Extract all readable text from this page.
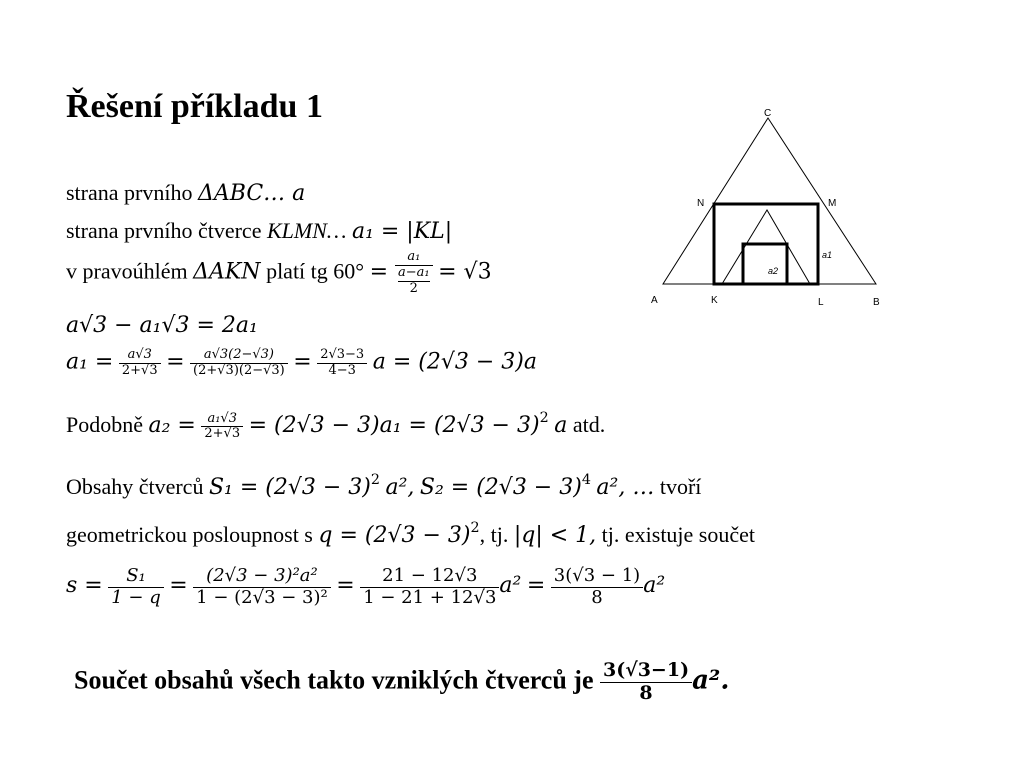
Řešení příkladu 1
strana prvního ΔABC… a
strana prvního čtverce KLMN… a₁ = |KL|
v pravoúhlém ΔAKN platí tg 60° = a₁
a−a₁
2 = √3
a√3 − a₁√3 = 2a₁
$a_1 = \frac{a√3}{2+√3} = \frac{a√3(2-√3)}{(2+√3)(2-√3)} = \frac{2√3-3}{4-3}$ a = (2√3 − 3)a
Podobně $a_2 = \frac{\text{a₁√3}}{2+√3} = (2√3 - 3)a_1 = (2√3 - 3)^2$ a atd.
Obsahy čtverců $S_1 = (2√3 - 3)^2$ a², $S_2 = (2√3 - 3)^4$ a², … tvoří
geometrickou posloupnost s $q = (2√3 - 3)^2$, tj. |q| < 1, tj. existuje součet
$s = \frac{\text{S₁}}{1 - q} = \frac{\text{(2√3 − 3)²a²}}{\text{1 − (2√3 − 3)²}} = \frac{21 - 12√3}{1 - 21 + 12√3} a^2 = \frac{3(√3 - 1)}{8} a^2$
Součet obsahů všech takto vzniklých čtverců je $\frac{3(√3-1)}{8} a^2$.
C
N	M
A	K	L	B
a1
a2
